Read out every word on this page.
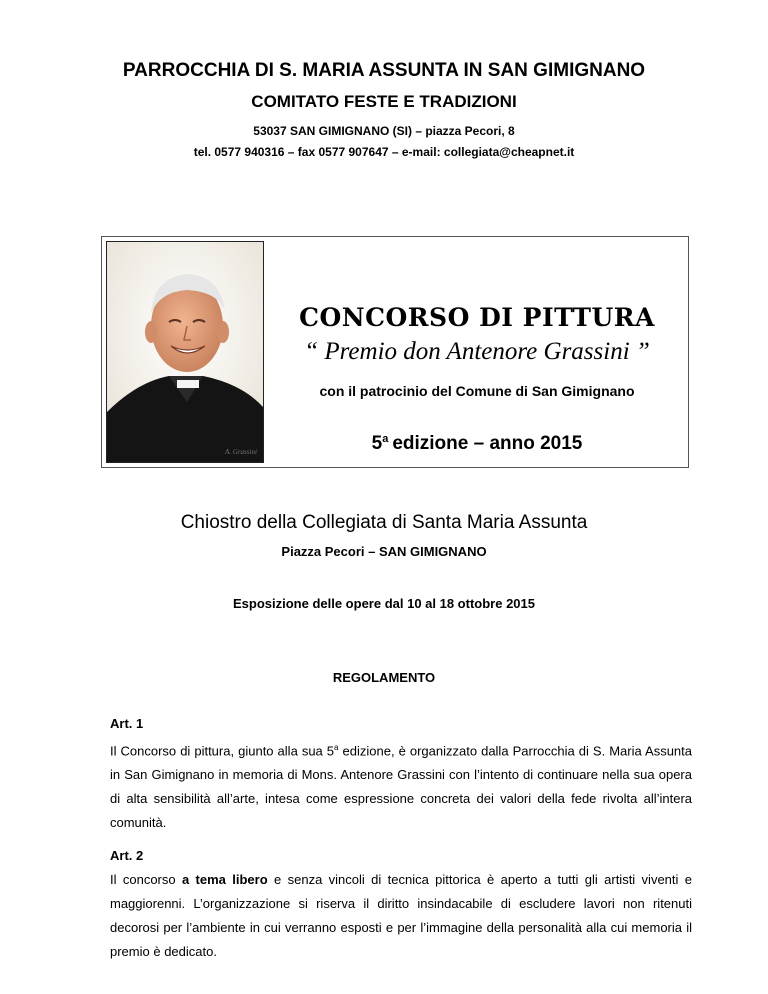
PARROCCHIA DI S. MARIA ASSUNTA IN SAN GIMIGNANO
COMITATO FESTE E TRADIZIONI
53037 SAN GIMIGNANO (SI) – piazza Pecori, 8
tel. 0577 940316 – fax 0577 907647 – e-mail: collegiata@cheapnet.it
A. Grassini
CONCORSO DI PITTURA
“ Premio don Antenore Grassini ”
con il patrocinio del Comune di San Gimignano
5$^a$ edizione – anno 2015
Chiostro della Collegiata di Santa Maria Assunta
Piazza Pecori – SAN GIMIGNANO
Esposizione delle opere dal 10 al 18 ottobre 2015
REGOLAMENTO
Art. 1

Il Concorso di pittura, giunto alla sua 5$^a$ edizione, è organizzato dalla Parrocchia di S. Maria Assunta in San Gimignano in memoria di Mons. Antenore Grassini con l’intento di continuare nella sua opera di alta sensibilità all’arte, intesa come espressione concreta dei valori della fede rivolta all’intera comunità.

Art. 2

Il concorso a tema libero e senza vincoli di tecnica pittorica è aperto a tutti gli artisti viventi e maggiorenni. L’organizzazione si riserva il diritto insindacabile di escludere lavori non ritenuti decorosi per l’ambiente in cui verranno esposti e per l’immagine della personalità alla cui memoria il premio è dedicato.
